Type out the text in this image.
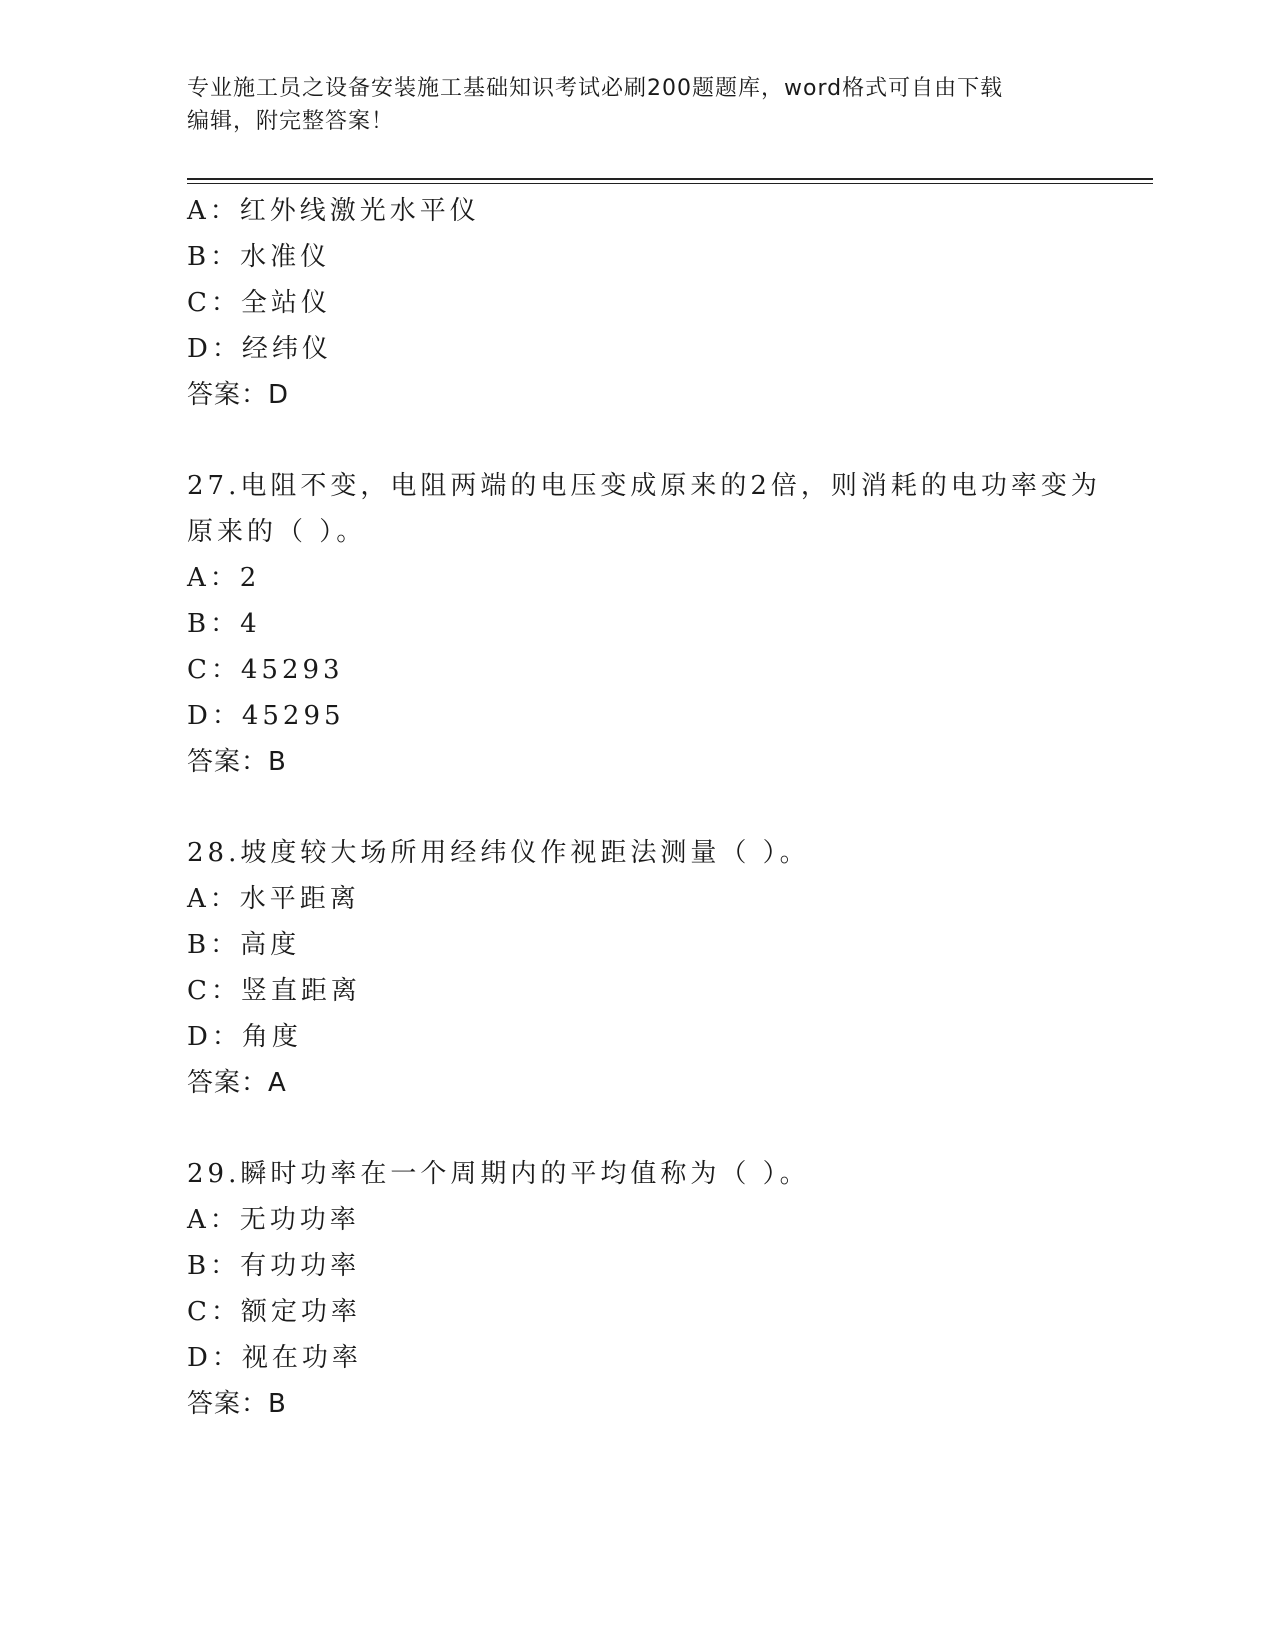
专业施工员之设备安装施工基础知识考试必刷200题题库，word格式可自由下载
编辑，附完整答案！
A：红外线激光水平仪
B：水准仪
C：全站仪
D：经纬仪
答案：D
27.电阻不变，电阻两端的电压变成原来的2倍，则消耗的电功率变为
原来的（ ）。
A：2
B：4
C：45293
D：45295
答案：B
28.坡度较大场所用经纬仪作视距法测量（ ）。
A：水平距离
B：高度
C：竖直距离
D：角度
答案：A
29.瞬时功率在一个周期内的平均值称为（ ）。
A：无功功率
B：有功功率
C：额定功率
D：视在功率
答案：B
